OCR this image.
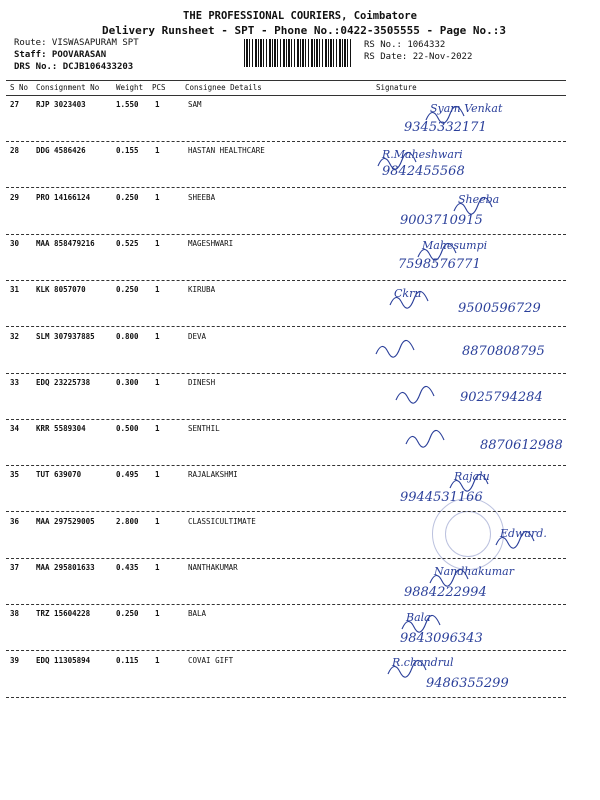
THE PROFESSIONAL COURIERS, Coimbatore
Delivery Runsheet - SPT - Phone No.:0422-3505555 - Page No.:3
Route: VISWASAPURAM SPT
Staff: POOVARASAN
DRS No.: DCJB106433203
RS No.: 1064332
RS Date: 22-Nov-2022
S No Consignment No Weight PCS	Consignee Details	Signature
27 RJP 3023403	1.550 1	SAM	Syam Venkat
9345332171
28 DDG 4586426	0.155 1	HASTAN HEALTHCARE	R.Maheshwari
9842455568
29 PRO 14166124	0.250 1	SHEEBA	Sheeba
9003710915
30 MAA 858479216	0.525 1	MAGESHWARI	Mahesumpi
7598576771
31 KLK 8057070	0.250 1	KIRUBA	Ckru
9500596729
32 SLM 307937885	0.800 1	DEVA
8870808795
33 EDQ 23225738	0.300 1	DINESH
9025794284
34 KRR 5589304	0.500 1	SENTHIL
8870612988
35 TUT 639070	0.495 1	RAJALAKSHMI	Rajalu
9944531166
36 MAA 297529005	2.800 1	CLASSICULTIMATE
Edward.
37 MAA 295801633	0.435 1	NANTHAKUMAR	Nandhakumar
9884222994
38 TRZ 15604228	0.250 1	BALA	Bala
9843096343
39 EDQ 11305894	0.115 1	COVAI GIFT	R.chandrul
9486355299
